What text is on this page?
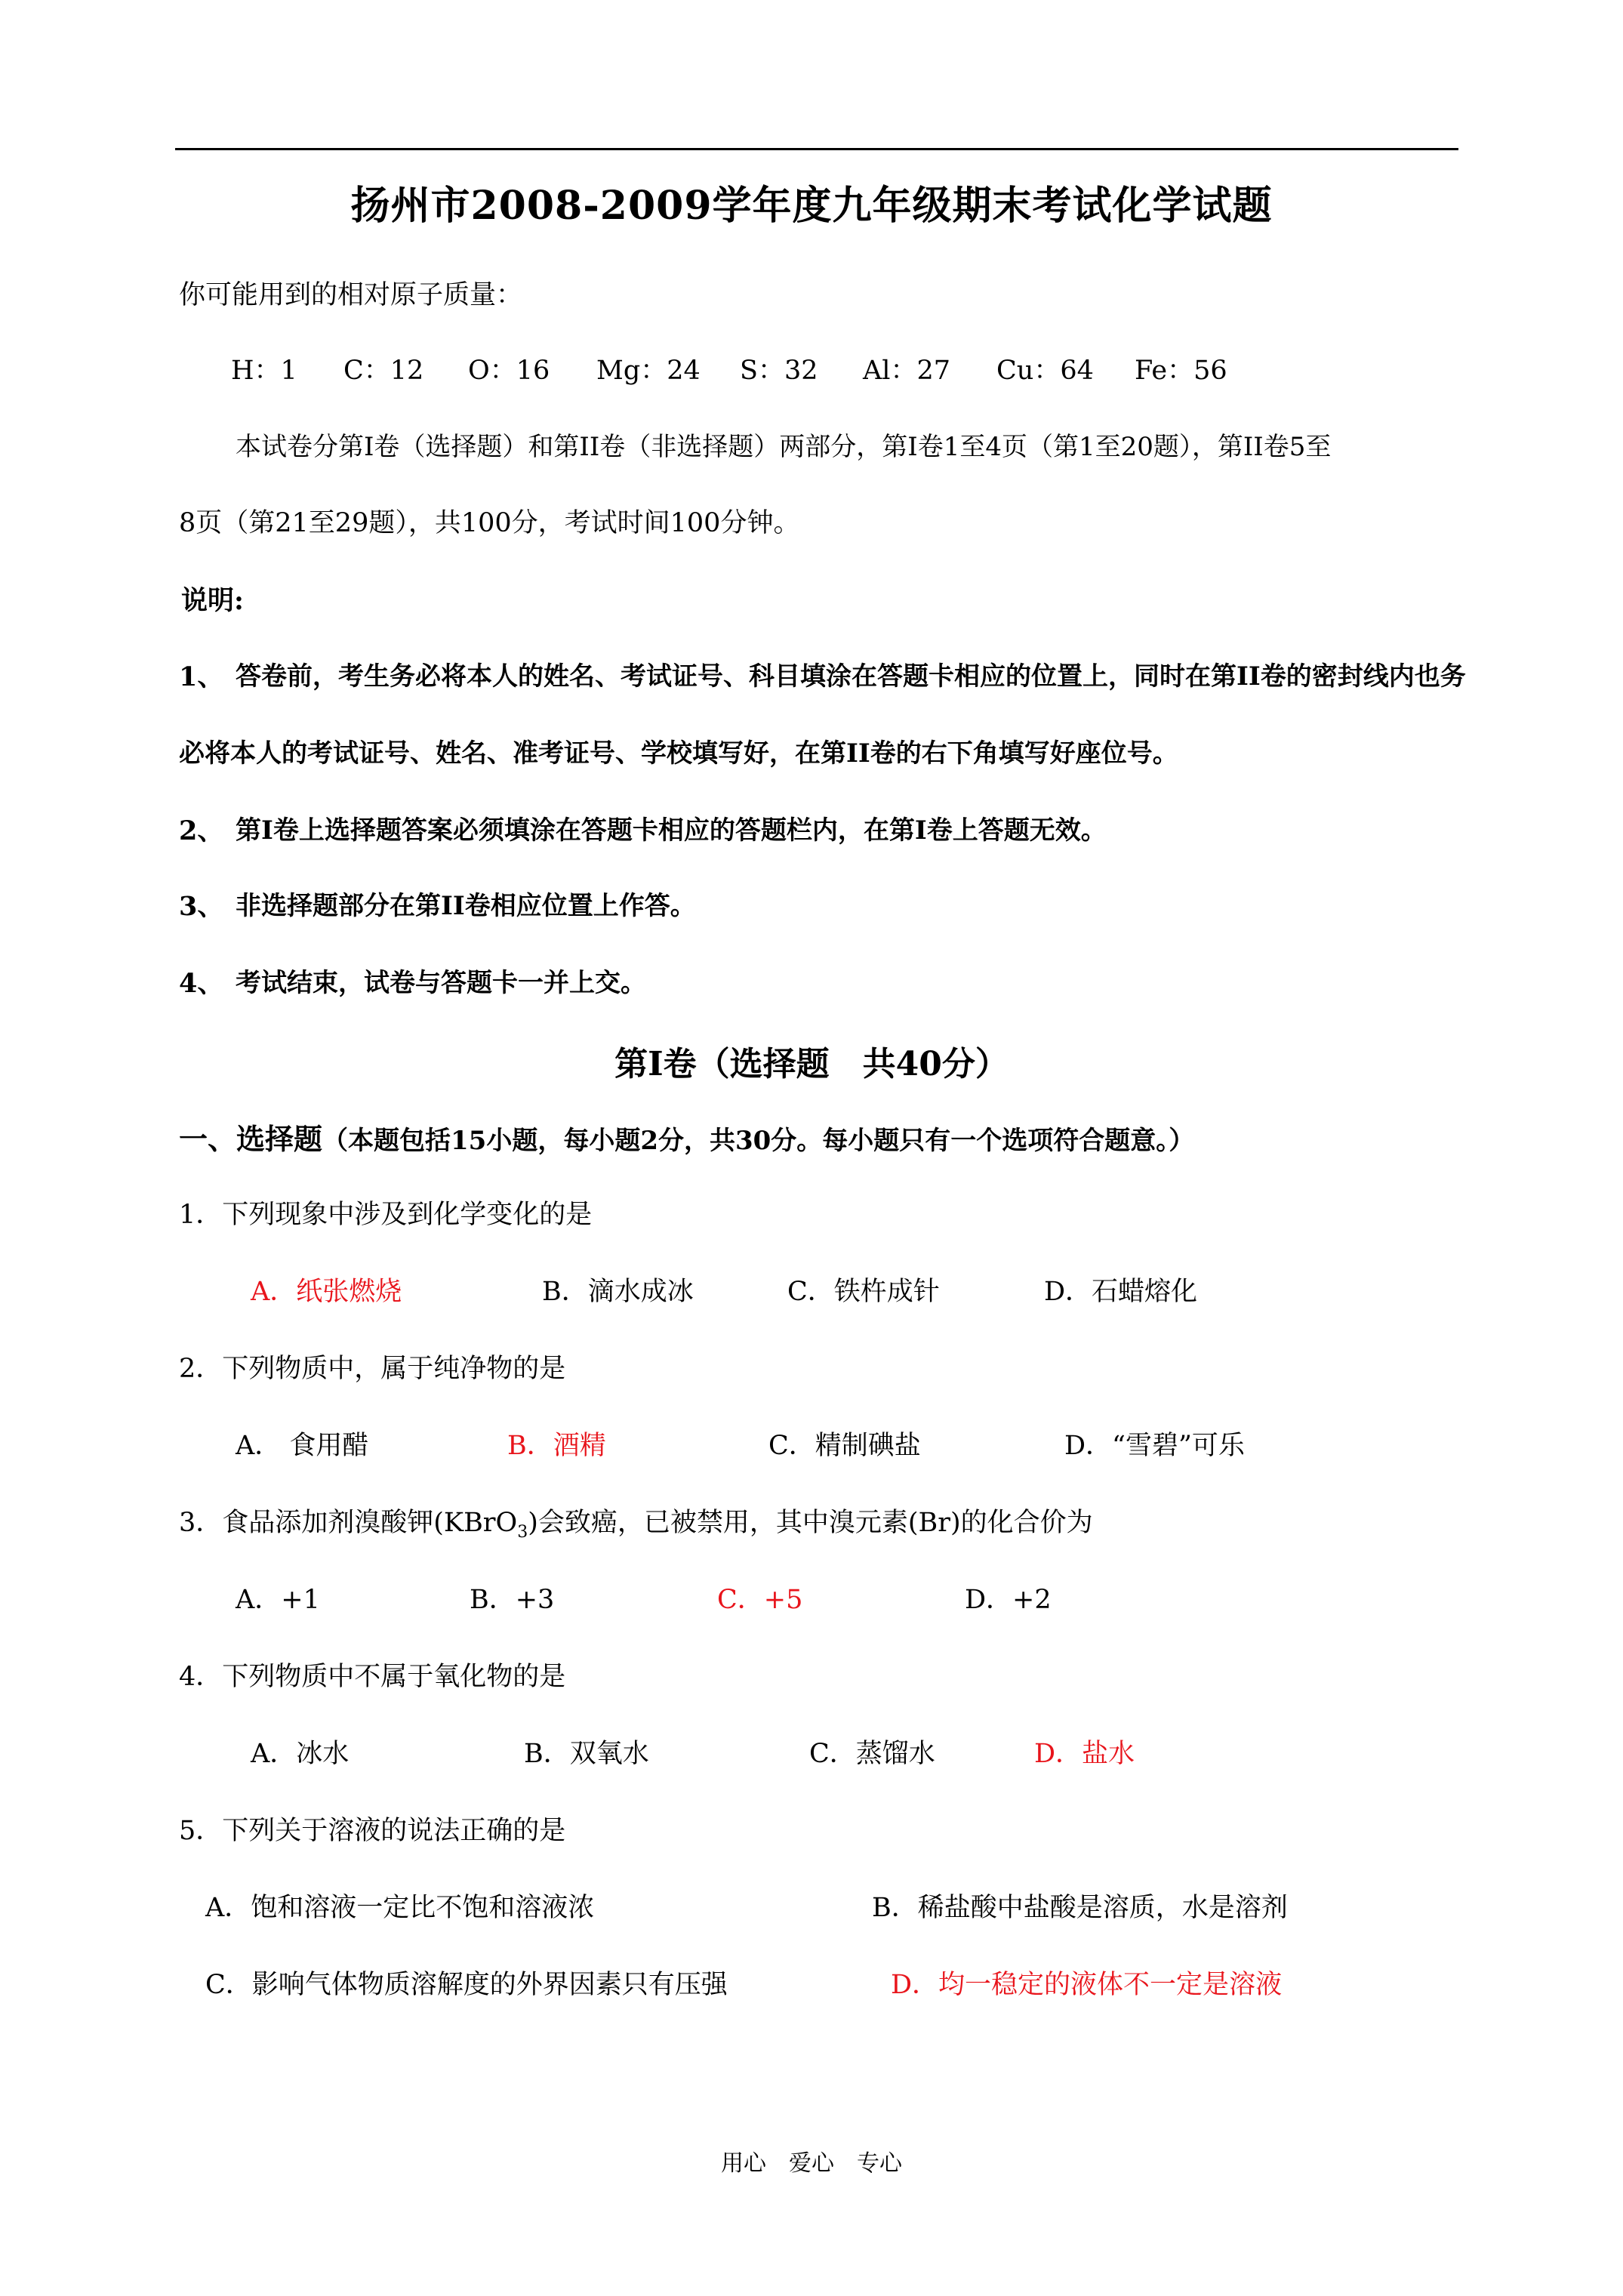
扬州市2008-2009学年度九年级期末考试化学试题
你可能用到的相对原子质量：
H：1 C：12 O：16 Mg：24 S：32 Al：27 Cu：64 Fe：56
本试卷分第I卷（选择题）和第II卷（非选择题）两部分，第I卷1至4页（第1至20题），第II卷5至
8页（第21至29题），共100分，考试时间100分钟。
说明:
1、 答卷前，考生务必将本人的姓名、考试证号、科目填涂在答题卡相应的位置上，同时在第II卷的密封线内也务
必将本人的考试证号、姓名、准考证号、学校填写好，在第II卷的右下角填写好座位号。
2、 第I卷上选择题答案必须填涂在答题卡相应的答题栏内，在第I卷上答题无效。
3、 非选择题部分在第II卷相应位置上作答。
4、 考试结束，试卷与答题卡一并上交。
第I卷（选择题　共40分）
一、选择题（本题包括15小题，每小题2分，共30分。每小题只有一个选项符合题意。）
1．下列现象中涉及到化学变化的是
A．纸张燃烧	B．滴水成冰	C．铁杵成针	D．石蜡熔化
2．下列物质中，属于纯净物的是
A． 食用醋	B．酒精	C．精制碘盐	D．“雪碧”可乐
3．食品添加剂溴酸钾(KBrO$_3$)会致癌，已被禁用，其中溴元素(Br)的化合价为
A．+1	B．+3	C．+5	D．+2
4．下列物质中不属于氧化物的是
A．冰水	B．双氧水	C．蒸馏水	D．盐水
5．下列关于溶液的说法正确的是
A．饱和溶液一定比不饱和溶液浓	B．稀盐酸中盐酸是溶质，水是溶剂
C．影响气体物质溶解度的外界因素只有压强	D．均一稳定的液体不一定是溶液
用心　爱心　专心
